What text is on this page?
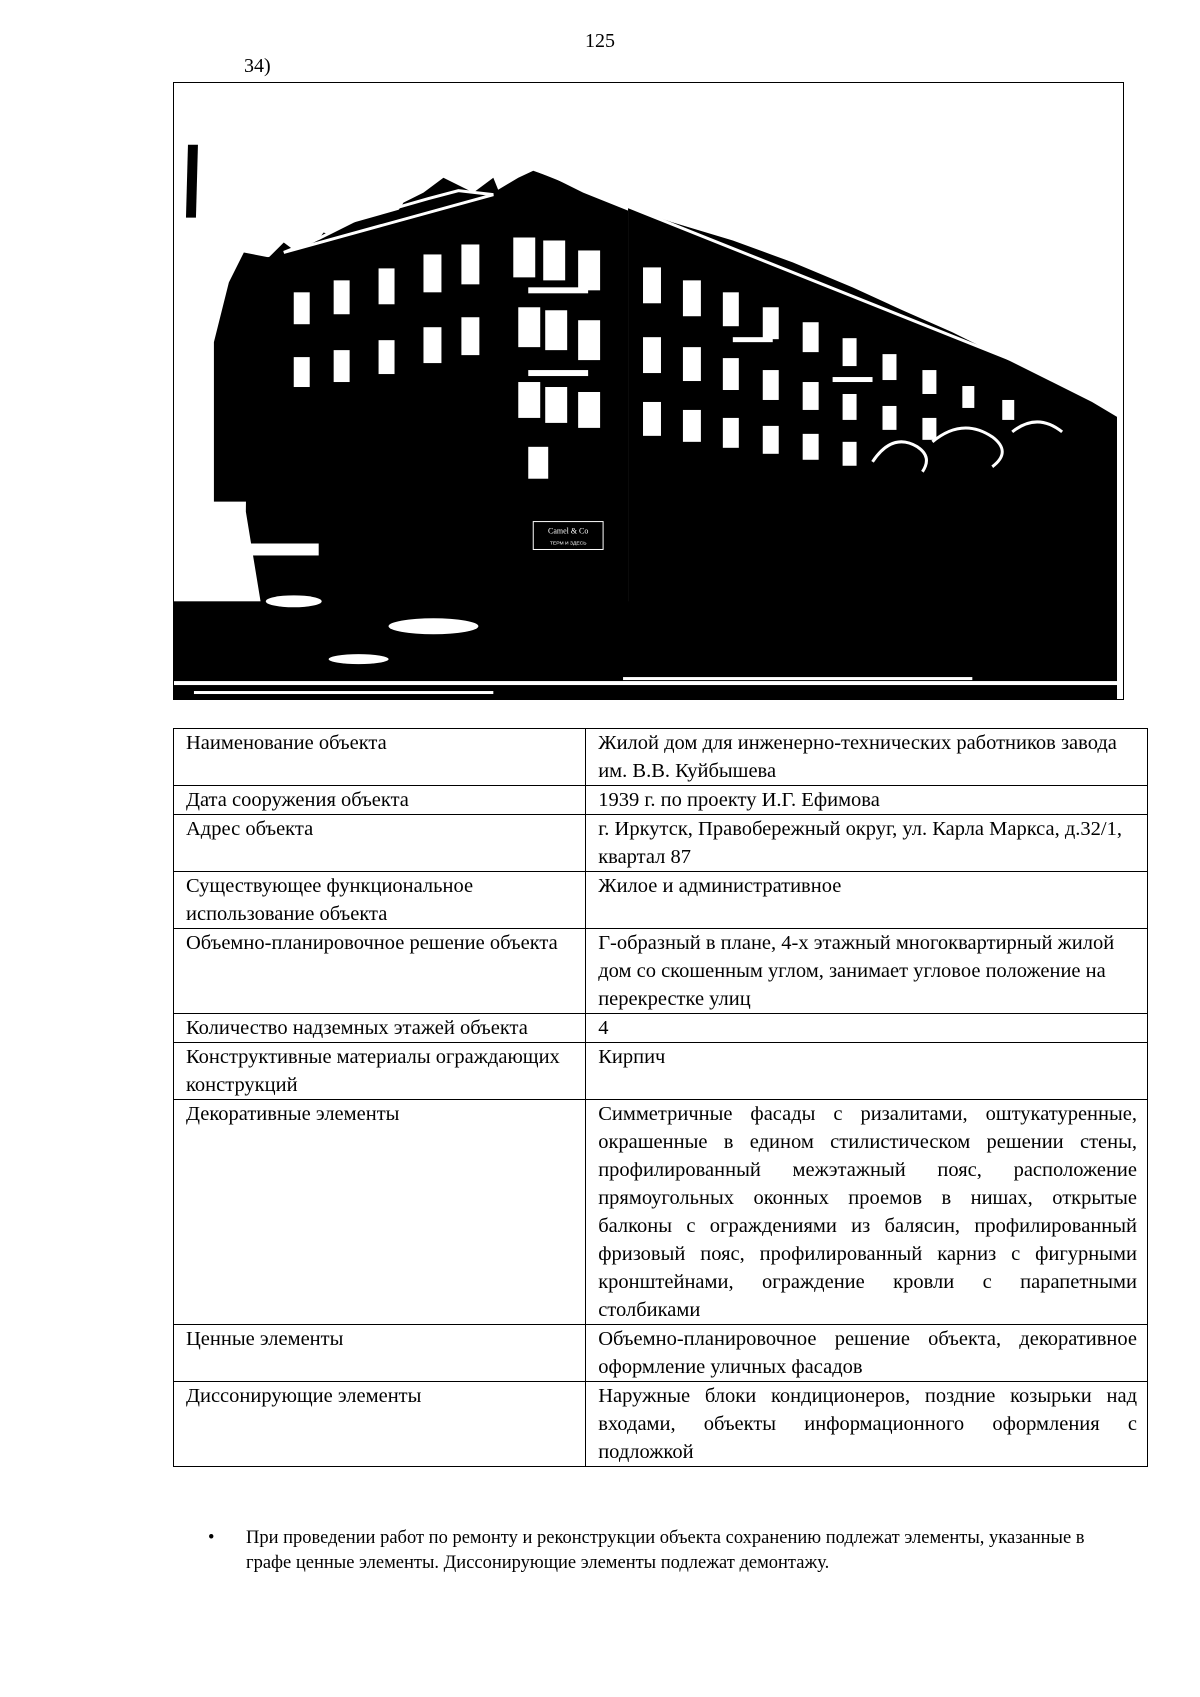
125
34)
Camel & Co
ТЕРМ И ЗДЕСЬ
Наименование объекта	Жилой дом для инженерно-технических работников завода им. В.В. Куйбышева
Дата сооружения объекта	1939 г. по проекту И.Г. Ефимова
Адрес объекта	г. Иркутск, Правобережный округ, ул. Карла Маркса, д.32/1, квартал 87
Существующее функциональное использование объекта	Жилое и административное
Объемно-планировочное решение объекта	Г-образный в плане, 4-х этажный многоквартирный жилой дом со скошенным углом, занимает угловое положение на перекрестке улиц
Количество надземных этажей объекта	4
Конструктивные материалы ограждающих конструкций	Кирпич
Декоративные элементы	Симметричные фасады с ризалитами, оштукатуренные, окрашенные в едином стилистическом решении стены, профилированный межэтажный пояс, расположение прямоугольных оконных проемов в нишах, открытые балконы с ограждениями из балясин, профилированный фризовый пояс, профилированный карниз с фигурными кронштейнами, ограждение кровли с парапетными столбиками
Ценные элементы	Объемно-планировочное решение объекта, декоративное оформление уличных фасадов
Диссонирующие элементы	Наружные блоки кондиционеров, поздние козырьки над входами, объекты информационного оформления с подложкой
•	При проведении работ по ремонту и реконструкции объекта сохранению подлежат элементы, указанные в графе ценные элементы. Диссонирующие элементы подлежат демонтажу.
